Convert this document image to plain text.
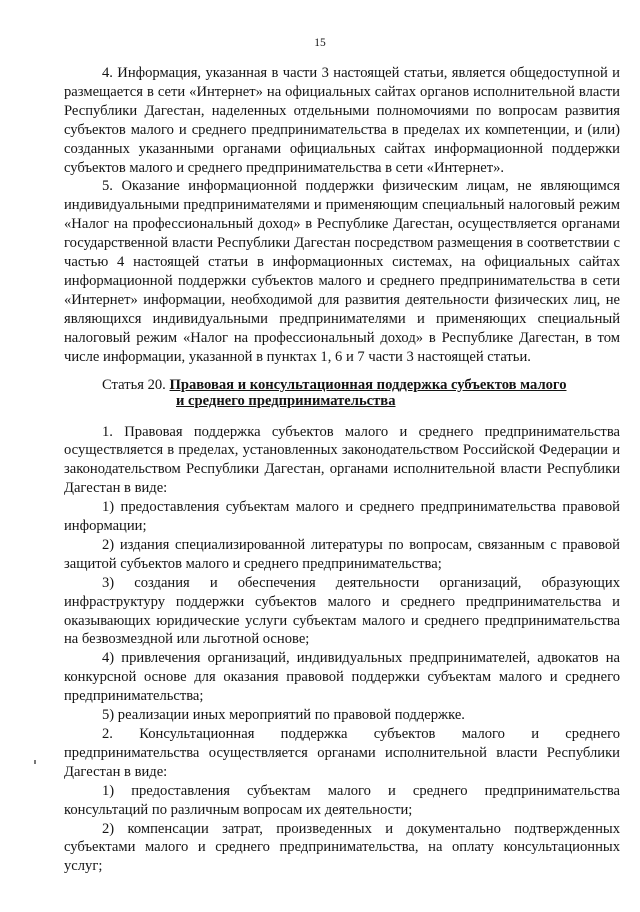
15

4. Информация, указанная в части 3 настоящей статьи, является общедоступной и размещается в сети «Интернет» на официальных сайтах органов исполнительной власти Республики Дагестан, наделенных отдельными полномочиями по вопросам развития субъектов малого и среднего предпринимательства в пределах их компетенции, и (или) созданных указанными органами официальных сайтах информационной поддержки субъектов малого и среднего предпринимательства в сети «Интернет».

5. Оказание информационной поддержки физическим лицам, не являющимся индивидуальными предпринимателями и применяющим специальный налоговый режим «Налог на профессиональный доход» в Республике Дагестан, осуществляется органами государственной власти Республики Дагестан посредством размещения в соответствии с частью 4 настоящей статьи в информационных системах, на официальных сайтах информационной поддержки субъектов малого и среднего предпринимательства в сети «Интернет» информации, необходимой для развития деятельности физических лиц, не являющихся индивидуальными предпринимателями и применяющих специальный налоговый режим «Налог на профессиональный доход» в Республике Дагестан, в том числе информации, указанной в пунктах 1, 6 и 7 части 3 настоящей статьи.

Статья 20. Правовая и консультационная поддержка субъектов малого
и среднего предпринимательства

1. Правовая поддержка субъектов малого и среднего предпринимательства осуществляется в пределах, установленных законодательством Российской Федерации и законодательством Республики Дагестан, органами исполнительной власти Республики Дагестан в виде:

1) предоставления субъектам малого и среднего предпринимательства правовой информации;

2) издания специализированной литературы по вопросам, связанным с правовой защитой субъектов малого и среднего предпринимательства;

3) создания и обеспечения деятельности организаций, образующих инфраструктуру поддержки субъектов малого и среднего предпринимательства и оказывающих юридические услуги субъектам малого и среднего предпринимательства на безвозмездной или льготной основе;

4) привлечения организаций, индивидуальных предпринимателей, адвокатов на конкурсной основе для оказания правовой поддержки субъектам малого и среднего предпринимательства;

5) реализации иных мероприятий по правовой поддержке.

2. Консультационная поддержка субъектов малого и среднего предпринимательства осуществляется органами исполнительной власти Республики Дагестан в виде:

1) предоставления субъектам малого и среднего предпринимательства консультаций по различным вопросам их деятельности;

2) компенсации затрат, произведенных и документально подтвержденных субъектами малого и среднего предпринимательства, на оплату консультационных услуг;
